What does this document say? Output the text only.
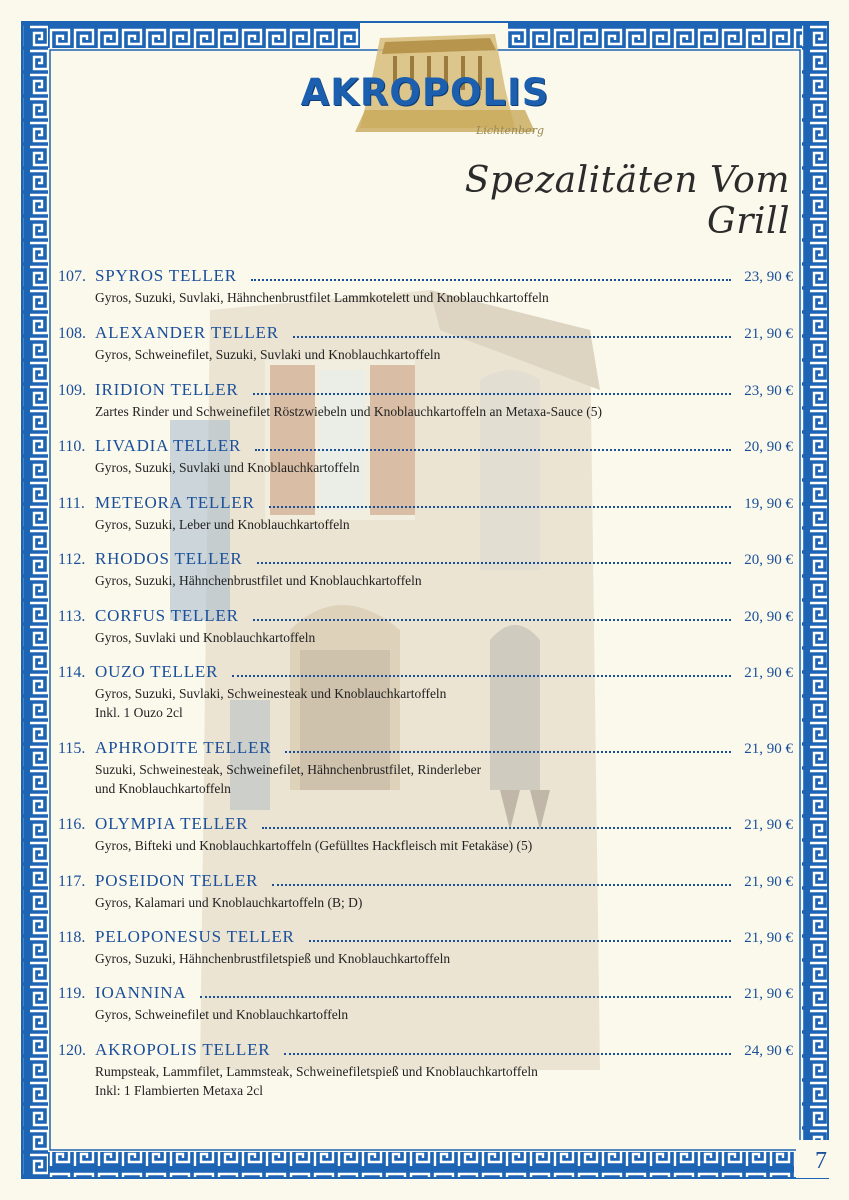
AKROPOLIS
Lichtenberg
Spezalitäten Vom Grill
107. SPYROS TELLER	23, 90 €
Gyros, Suzuki, Suvlaki, Hähnchenbrustfilet Lammkotelett und Knoblauchkartoffeln
108. ALEXANDER TELLER	21, 90 €
Gyros, Schweinefilet, Suzuki, Suvlaki und Knoblauchkartoffeln
109. IRIDION TELLER	23, 90 €
Zartes Rinder und Schweinefilet Röstzwiebeln und Knoblauchkartoffeln an Metaxa-Sauce (5)
110. LIVADIA TELLER	20, 90 €
Gyros, Suzuki, Suvlaki und Knoblauchkartoffeln
111. METEORA TELLER	19, 90 €
Gyros, Suzuki, Leber und Knoblauchkartoffeln
112. RHODOS TELLER	20, 90 €
Gyros, Suzuki, Hähnchenbrustfilet und Knoblauchkartoffeln
113. CORFUS TELLER	20, 90 €
Gyros, Suvlaki und Knoblauchkartoffeln
114. OUZO TELLER	21, 90 €
Gyros, Suzuki, Suvlaki, Schweinesteak und Knoblauchkartoffeln
Inkl. 1 Ouzo 2cl
115. APHRODITE TELLER	21, 90 €
Suzuki, Schweinesteak, Schweinefilet, Hähnchenbrustfilet, Rinderleber
und Knoblauchkartoffeln
116. OLYMPIA TELLER	21, 90 €
Gyros, Bifteki und Knoblauchkartoffeln (Gefülltes Hackfleisch mit Fetakäse) (5)
117. POSEIDON TELLER	21, 90 €
Gyros, Kalamari und Knoblauchkartoffeln (B; D)
118. PELOPONESUS TELLER	21, 90 €
Gyros, Suzuki, Hähnchenbrustfiletspieß und Knoblauchkartoffeln
119. IOANNINA	21, 90 €
Gyros, Schweinefilet und Knoblauchkartoffeln
120. AKROPOLIS TELLER	24, 90 €
Rumpsteak, Lammfilet, Lammsteak, Schweinefiletspieß und Knoblauchkartoffeln
Inkl: 1 Flambierten Metaxa 2cl
7
